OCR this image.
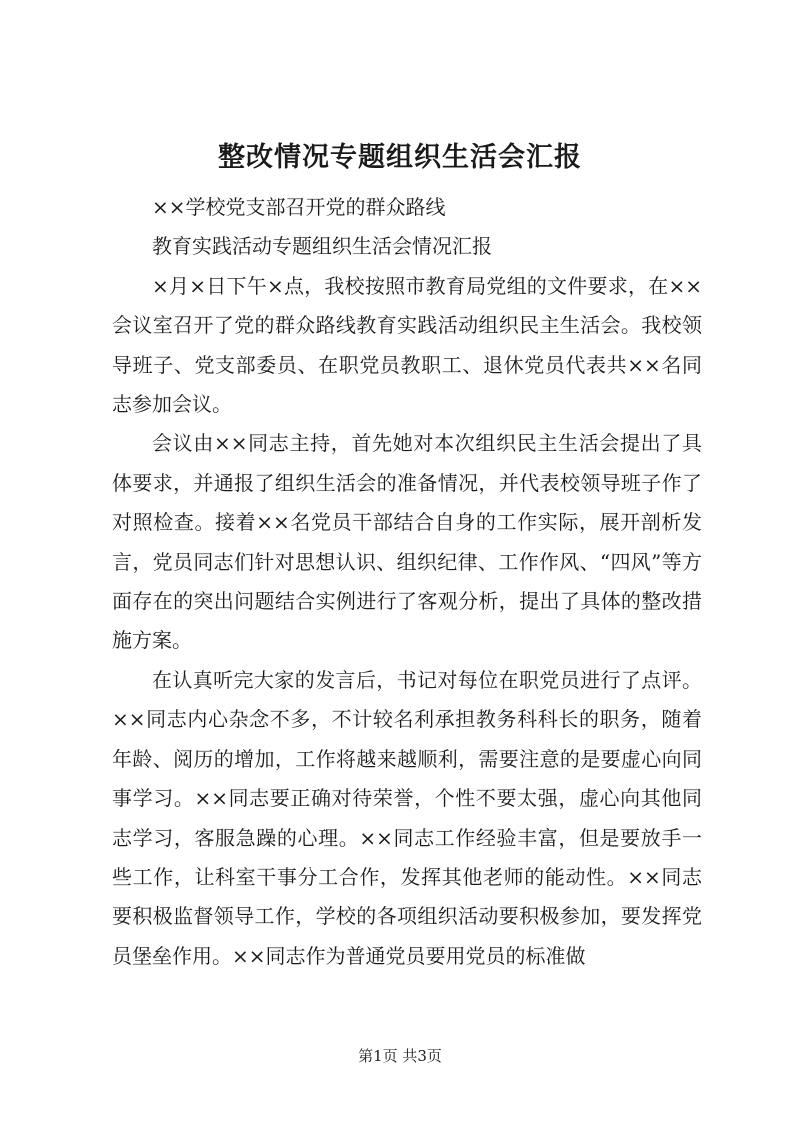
整改情况专题组织生活会汇报

××学校党支部召开党的群众路线

教育实践活动专题组织生活会情况汇报

×月×日下午×点，我校按照市教育局党组的文件要求，在××会议室召开了党的群众路线教育实践活动组织民主生活会。我校领导班子、党支部委员、在职党员教职工、退休党员代表共××名同志参加会议。

会议由××同志主持，首先她对本次组织民主生活会提出了具体要求，并通报了组织生活会的准备情况，并代表校领导班子作了对照检查。接着××名党员干部结合自身的工作实际，展开剖析发言，党员同志们针对思想认识、组织纪律、工作作风、“四风”等方面存在的突出问题结合实例进行了客观分析，提出了具体的整改措施方案。

在认真听完大家的发言后，书记对每位在职党员进行了点评。××同志内心杂念不多，不计较名利承担教务科科长的职务，随着年龄、阅历的增加，工作将越来越顺利，需要注意的是要虚心向同事学习。××同志要正确对待荣誉，个性不要太强，虚心向其他同志学习，客服急躁的心理。××同志工作经验丰富，但是要放手一些工作，让科室干事分工合作，发挥其他老师的能动性。××同志要积极监督领导工作，学校的各项组织活动要积极参加，要发挥党员堡垒作用。××同志作为普通党员要用党员的标准做

第1页 共3页
